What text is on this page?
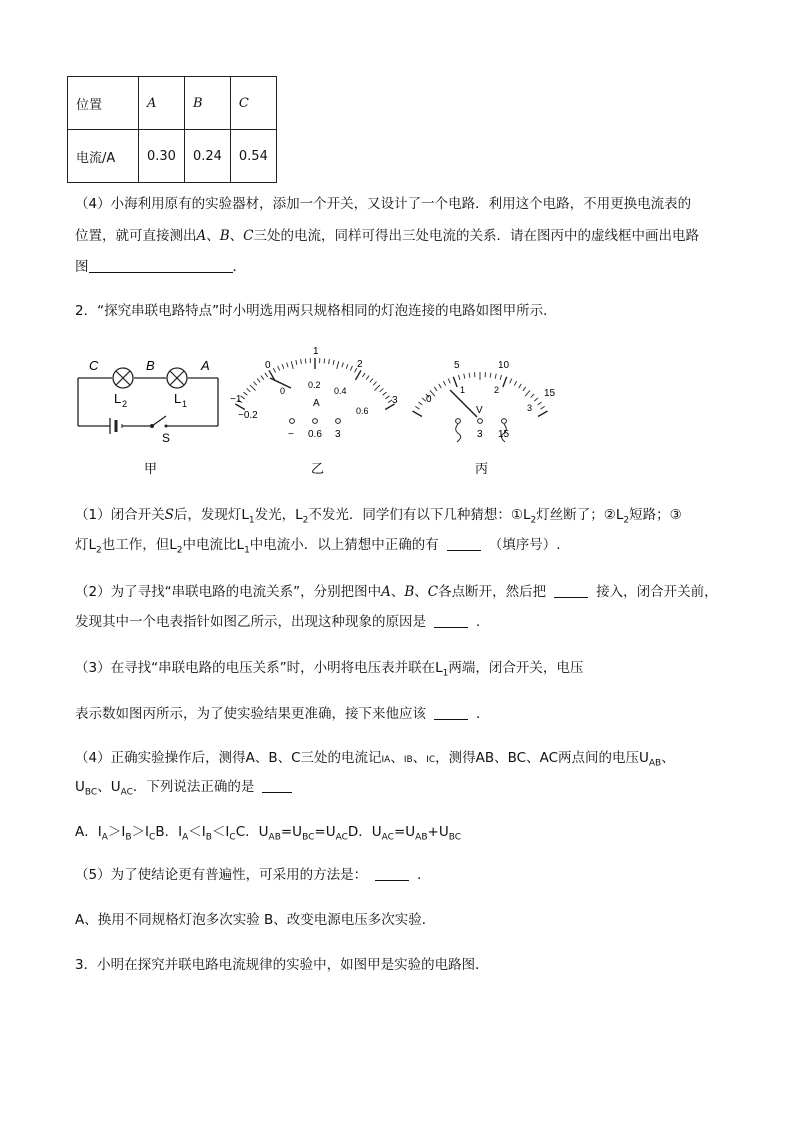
位置	A	B	C
电流/A	0.30	0.24	0.54
（4）小海利用原有的实验器材，添加一个开关，又设计了一个电路．利用这个电路，不用更换电流表的
位置，就可直接测出A、B、C三处的电流，同样可得出三处电流的关系．请在图丙中的虚线框中画出电路
图	．
2．“探究串联电路特点”时小明选用两只规格相同的灯泡连接的电路如图甲所示．
C	B	A
L 2	L 1
S
甲
−1
−0.2
0
1
2
3
0
0.2
0.4
0.6
A
− 0.6 3
乙
0
5	10
15
1	2
3
V
3 15
丙
（1）闭合开关S后，发现灯$L_1$发光，$L_2$不发光．同学们有以下几种猜想：$①L_2$灯丝断了；$②L_2$短路；③
灯$L_2$也工作，但$L_2$中电流比$L_1$中电流小．以上猜想中正确的有	（填序号）.
（2）为了寻找“串联电路的电流关系”，分别把图中A、B、C各点断开，然后把	接入，闭合开关前，
发现其中一个电表指针如图乙所示，出现这种现象的原因是	．
（3）在寻找“串联电路的电压关系”时，小明将电压表并联在$L_1$两端，闭合开关，电压
表示数如图丙所示，为了使实验结果更准确，接下来他应该	．
（4）正确实验操作后，测得A、B、C三处的电流记IA、IB、IC，测得AB、BC、AC两点间的电压$U_{AB}$、
$U_{BC}$、$U_{AC}$．下列说法正确的是
A．$I_A>I_B>I_CB$．$I_A<I_B<I_CC$．$U_{AB}=U_{BC}=U_{AC}D$．$U_{AC}=U_{AB}+U_{BC}$
（5）为了使结论更有普遍性，可采用的方法是：	．
A、换用不同规格灯泡多次实验 B、改变电源电压多次实验．
3．小明在探究并联电路电流规律的实验中，如图甲是实验的电路图．
